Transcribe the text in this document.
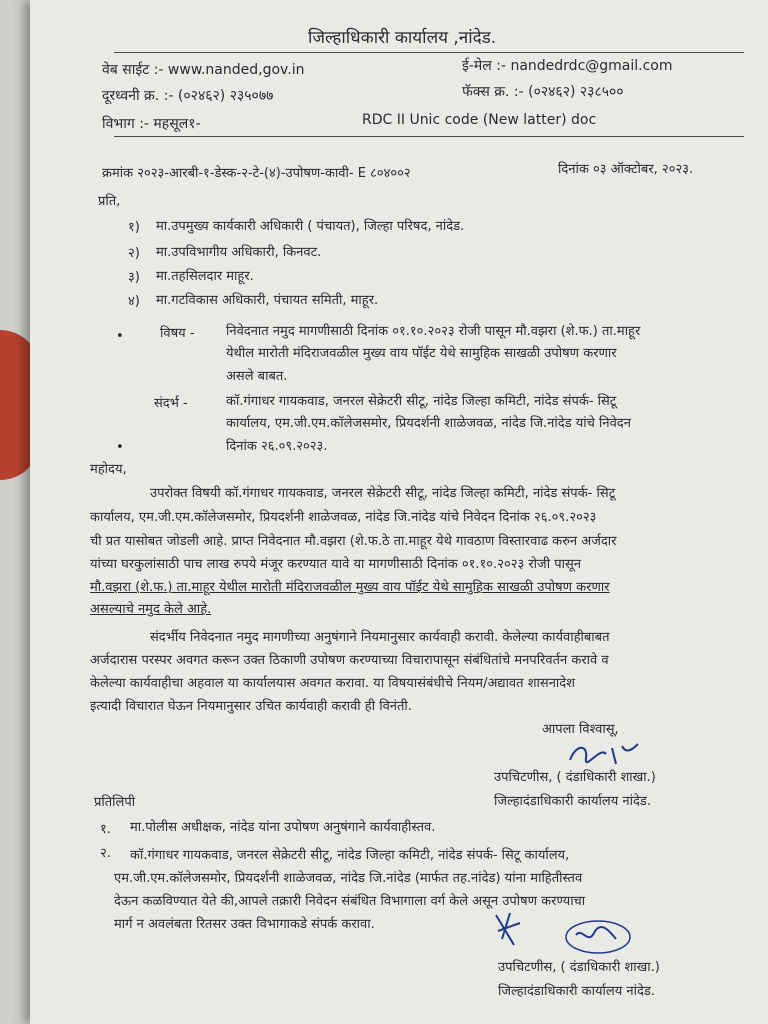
जिल्हाधिकारी कार्यालय ,नांदेड.
वेब साईट :- www.nanded,gov.in	ई-मेल :- nandedrdc@gmail.com
दूरध्वनी क्र. :- (०२४६२) २३५०७७	फॅक्स क्र. :- (०२४६२) २३८५००
विभाग :- महसूल१-	RDC II Unic code (New latter) doc
क्रमांक २०२३-आरबी-१-डेस्क-२-टे-(४)-उपोषण-कावी- E ८०४००२	दिनांक ०३ ऑक्टोबर, २०२३.
प्रति,
१) मा.उपमुख्य कार्यकारी अधिकारी ( पंचायत), जिल्हा परिषद, नांदेड.
२) मा.उपविभागीय अधिकारी, किनवट.
३) मा.तहसिलदार माहूर.
४) मा.गटविकास अधिकारी, पंचायत समिती, माहूर.
•	विषय - निवेदनात नमुद मागणीसाठी दिनांक ०१.१०.२०२३ रोजी पासून मौ.वझरा (शे.फ.) ता.माहूर
येथील मारोती मंदिराजवळील मुख्य वाय पॉईट येथे सामुहिक साखळी उपोषण करणार
असले बाबत.
संदर्भ -	कॉ.गंगाधर गायकवाड, जनरल सेक्रेटरी सीटू, नांदेड जिल्हा कमिटी, नांदेड संपर्क- सिटू
कार्यालय, एम.जी.एम.कॉलेजसमोर, प्रियदर्शनी शाळेजवळ, नांदेड जि.नांदेड यांचे निवेदन
•	दिनांक २६.०९.२०२३.
महोदय,
उपरोक्त विषयी कॉ.गंगाधर गायकवाड, जनरल सेक्रेटरी सीटू, नांदेड जिल्हा कमिटी, नांदेड संपर्क- सिटू
कार्यालय, एम.जी.एम.कॉलेजसमोर, प्रियदर्शनी शाळेजवळ, नांदेड जि.नांदेड यांचे निवेदन दिनांक २६.०९.२०२३
ची प्रत यासोबत जोडली आहे. प्राप्त निवेदनात मौ.वझरा (शे.फ.ठे ता.माहूर येथे गावठाण विस्तारवाढ करुन अर्जदार
यांच्या घरकुलांसाठी पाच लाख रुपये मंजूर करण्यात यावे या मागणीसाठी दिनांक ०१.१०.२०२३ रोजी पासून
मौ.वझरा (शे.फ.) ता.माहूर येथील मारोती मंदिराजवळील मुख्य वाय पॉईट येथे सामुहिक साखळी उपोषण करणार
असल्याचे नमुद केले आहे.
संदर्भीय निवेदनात नमुद मागणीच्या अनुषंगाने नियमानुसार कार्यवाही करावी. केलेल्या कार्यवाहीबाबत
अर्जदारास परस्पर अवगत करून उक्त ठिकाणी उपोषण करण्याच्या विचारापासून संबंधितांचे मनपरिवर्तन करावे व
केलेल्या कार्यवाहीचा अहवाल या कार्यालयास अवगत करावा. या विषयासंबंधीचे नियम/अद्यावत शासनादेश
इत्यादी विचारात घेऊन नियमानुसार उचित कार्यवाही करावी ही विनंती.
आपला विश्वासू,
उपचिटणीस, ( दंडाधिकारी शाखा.)
जिल्हादंडाधिकारी कार्यालय नांदेड.
प्रतिलिपी
१. मा.पोलीस अधीक्षक, नांदेड यांना उपोषण अनुषंगाने कार्यवाहीस्तव.
२. कॉ.गंगाधर गायकवाड, जनरल सेक्रेटरी सीटू, नांदेड जिल्हा कमिटी, नांदेड संपर्क- सिटू कार्यालय,
एम.जी.एम.कॉलेजसमोर, प्रियदर्शनी शाळेजवळ, नांदेड जि.नांदेड (मार्फत तह.नांदेड) यांना माहितीस्तव
देऊन कळविण्यात येते की,आपले तक्रारी निवेदन संबंधित विभागाला वर्ग केले असून उपोषण करण्याचा
मार्ग न अवलंबता रितसर उक्त विभागाकडे संपर्क करावा.
उपचिटणीस, ( दंडाधिकारी शाखा.)
जिल्हादंडाधिकारी कार्यालय नांदेड.
